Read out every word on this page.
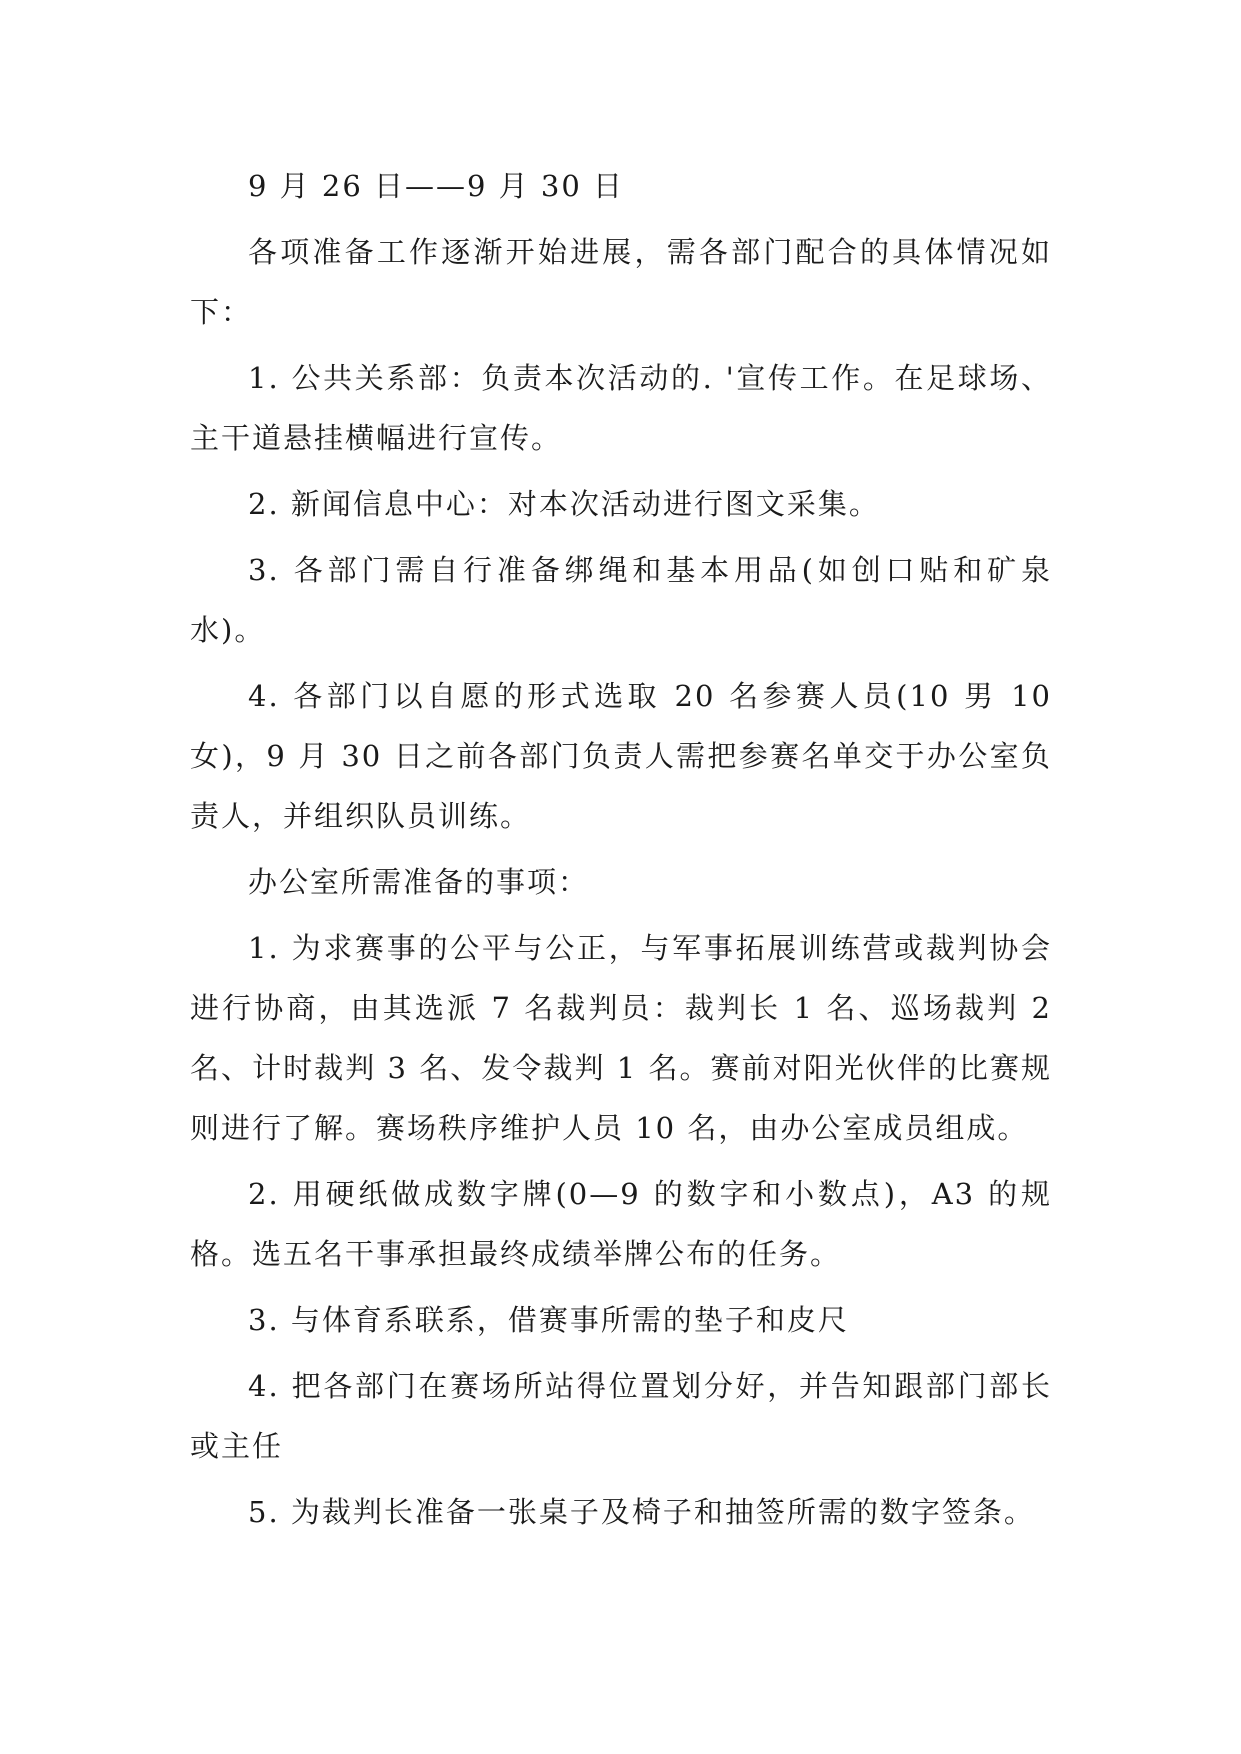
9 月 26 日——9 月 30 日

各项准备工作逐渐开始进展，需各部门配合的具体情况如下：

1. 公共关系部：负责本次活动的. '宣传工作。在足球场、主干道悬挂横幅进行宣传。

2. 新闻信息中心：对本次活动进行图文采集。

3. 各部门需自行准备绑绳和基本用品(如创口贴和矿泉水)。

4. 各部门以自愿的形式选取 20 名参赛人员(10 男 10 女)，9 月 30 日之前各部门负责人需把参赛名单交于办公室负责人，并组织队员训练。

办公室所需准备的事项：

1. 为求赛事的公平与公正，与军事拓展训练营或裁判协会进行协商，由其选派 7 名裁判员：裁判长 1 名、巡场裁判 2 名、计时裁判 3 名、发令裁判 1 名。赛前对阳光伙伴的比赛规则进行了解。赛场秩序维护人员 10 名，由办公室成员组成。

2. 用硬纸做成数字牌(0—9 的数字和小数点)，A3 的规格。选五名干事承担最终成绩举牌公布的任务。

3. 与体育系联系，借赛事所需的垫子和皮尺

4. 把各部门在赛场所站得位置划分好，并告知跟部门部长或主任

5. 为裁判长准备一张桌子及椅子和抽签所需的数字签条。
